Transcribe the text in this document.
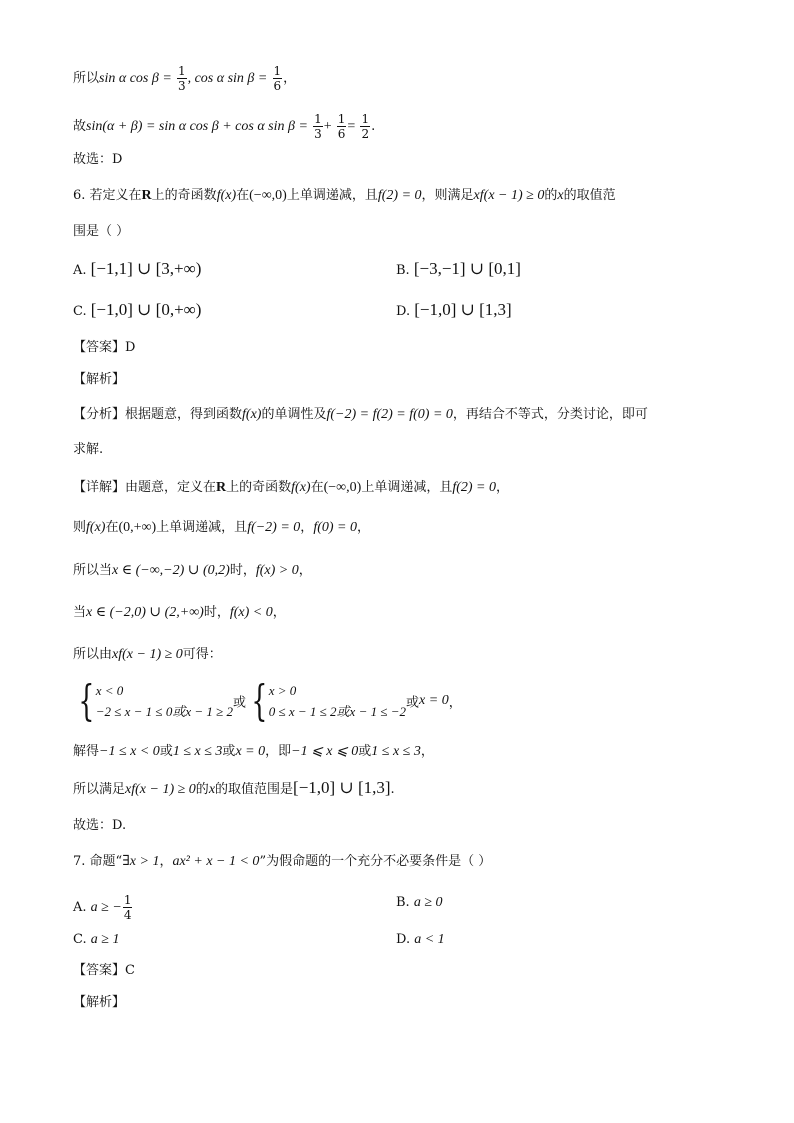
所以sin α $\cos \beta = \frac{1}{3}$ , cos α $\sin \beta = \frac{1}{6}$ ，
故sin(α + β) = sin α cos β + cos α $\sin \beta = \frac{1}{3} + \frac{1}{6} = \frac{1}{2}$ .
故选：D
6. 若定义在R上的奇函数f(x)在(−∞,0)上单调递减，且f(2) = 0，则满足xf(x − 1) ≥ 0的x的取值范
围是（ ）
A. [−1,1] ∪ [3,+∞)	B. [−3,−1] ∪ [0,1]
C. [−1,0] ∪ [0,+∞)	D. [−1,0] ∪ [1,3]
【答案】D
【解析】
【分析】根据题意，得到函数f(x)的单调性及f(−2) = f(2) = f(0) = 0，再结合不等式，分类讨论，即可
求解.
【详解】由题意，定义在R上的奇函数f(x)在(−∞,0)上单调递减，且f(2) = 0，
则f(x)在(0,+∞)上单调递减，且f(−2) = 0，f(0) = 0，
所以当x ∈ (−∞,−2) ∪ (0,2)时，f(x) > 0，
当x ∈ (−2,0) ∪ (2,+∞)时，f(x) < 0，
所以由xf(x − 1) ≥ 0可得：
{ x < 0
−2 ≤ x − 1 ≤ 0或x − 1 ≥ 2
或 { x > 0
0 ≤ x − 1 ≤ 2或x − 1 ≤ −2
或x = 0，
解得−1 ≤ x < 0或1 ≤ x ≤ 3或x = 0，即−1 ⩽ x ⩽ 0或1 ≤ x ≤ 3，
所以满足xf(x − 1) ≥ 0的x的取值范围是[−1,0] ∪ [1,3].
故选：D.
7. 命题“∃x > 1，ax² + x − 1 < 0”为假命题的一个充分不必要条件是（ ）
A. a ≥ − $\frac{1}{4}$	B. a ≥ 0
C. a ≥ 1	D. a < 1
【答案】C
【解析】
